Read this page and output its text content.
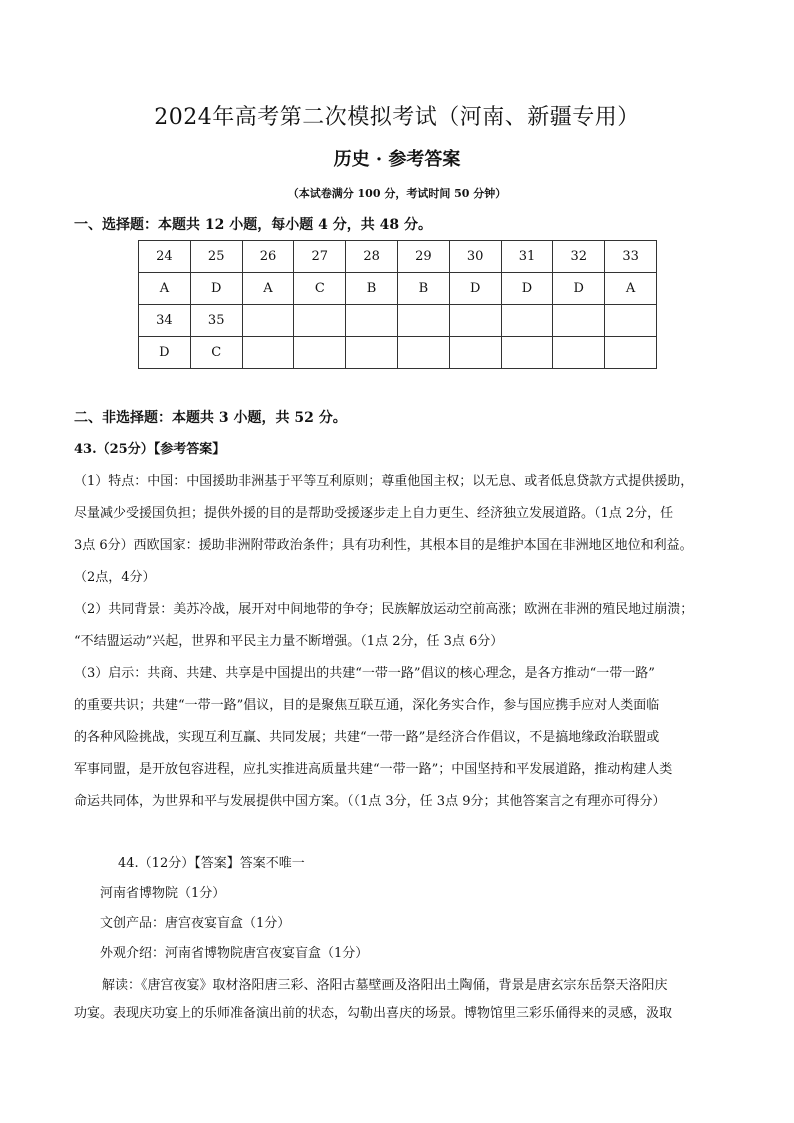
2024年高考第二次模拟考试（河南、新疆专用）
历史 · 参考答案
（本试卷满分 100 分，考试时间 50 分钟）
一、选择题：本题共 12 小题，每小题 4 分，共 48 分。
24	25	26	27	28	29	30	31	32	33
A	D	A	C	B	B	D	D	D	A
34	35								
D	C								
二、非选择题：本题共 3 小题，共 52 分。
43.（25分）【参考答案】
（1）特点：中国：中国援助非洲基于平等互利原则；尊重他国主权；以无息、或者低息贷款方式提供援助，
尽量减少受援国负担；提供外援的目的是帮助受援逐步走上自力更生、经济独立发展道路。（1点 2分，任
3点 6分）西欧国家：援助非洲附带政治条件；具有功利性，其根本目的是维护本国在非洲地区地位和利益。
（2点，4分）
（2）共同背景：美苏冷战，展开对中间地带的争夺；民族解放运动空前高涨；欧洲在非洲的殖民地过崩溃；
“不结盟运动”兴起，世界和平民主力量不断增强。（1点 2分，任 3点 6分）
（3）启示：共商、共建、共享是中国提出的共建“一带一路”倡议的核心理念，是各方推动“一带一路”
的重要共识；共建“一带一路”倡议，目的是聚焦互联互通，深化务实合作，参与国应携手应对人类面临
的各种风险挑战，实现互利互赢、共同发展；共建“一带一路”是经济合作倡议，不是搞地缘政治联盟或
军事同盟，是开放包容进程，应扎实推进高质量共建“一带一路”；中国坚持和平发展道路，推动构建人类
命运共同体，为世界和平与发展提供中国方案。（（1点 3分，任 3点 9分；其他答案言之有理亦可得分）
44.（12分）【答案】答案不唯一
河南省博物院（1分）
文创产品：唐宫夜宴盲盒（1分）
外观介绍：河南省博物院唐宫夜宴盲盒（1分）
解读：《唐宫夜宴》取材洛阳唐三彩、洛阳古墓壁画及洛阳出土陶俑，背景是唐玄宗东岳祭天洛阳庆
功宴。表现庆功宴上的乐师准备演出前的状态，勾勒出喜庆的场景。博物馆里三彩乐俑得来的灵感，汲取
